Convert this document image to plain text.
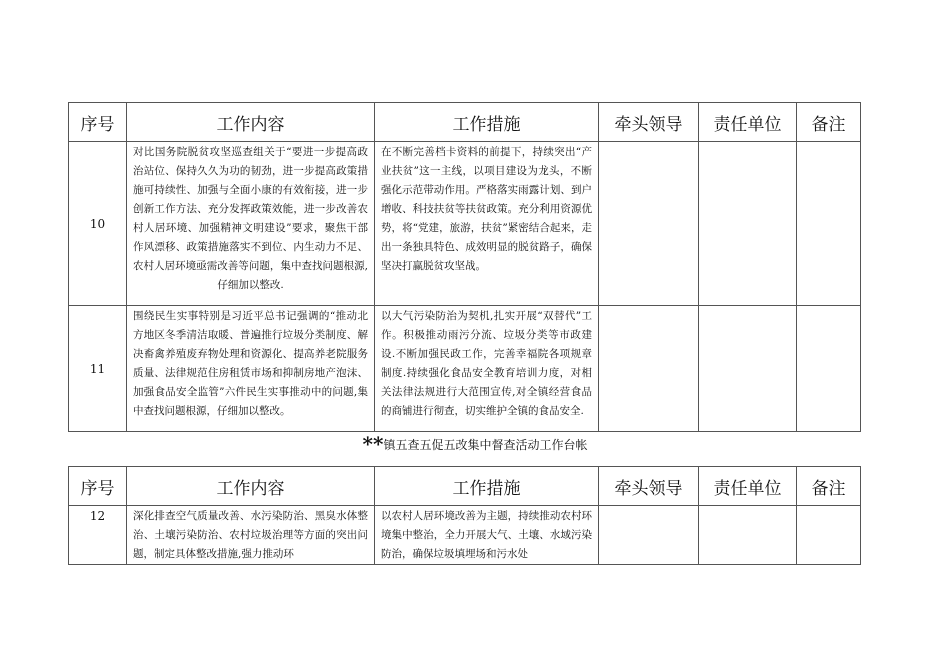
序号	工作内容	工作措施	牵头领导	责任单位	备注
10	对比国务院脱贫攻坚巡查组关于“要进一步提高政治站位、保持久久为功的韧劲，进一步提高政策措施可持续性、加强与全面小康的有效衔接，进一步创新工作方法、充分发挥政策效能，进一步改善农村人居环境、加强精神文明建设”要求，聚焦干部作风漂移、政策措施落实不到位、内生动力不足、农村人居环境亟需改善等问题，集中查找问题根源,仔细加以整改.	在不断完善档卡资料的前提下，持续突出“产业扶贫”这一主线，以项目建设为龙头，不断强化示范带动作用。严格落实雨露计划、到户增收、科技扶贫等扶贫政策。充分利用资源优势，将“党建，旅游，扶贫”紧密结合起来，走出一条独具特色、成效明显的脱贫路子，确保坚决打赢脱贫攻坚战。			
11	围绕民生实事特别是习近平总书记强调的“推动北方地区冬季清洁取暖、普遍推行垃圾分类制度、解决畜禽养殖废弃物处理和资源化、提高养老院服务质量、法律规范住房租赁市场和抑制房地产泡沫、加强食品安全监管”六件民生实事推动中的问题,集中查找问题根源，仔细加以整改。	以大气污染防治为契机,扎实开展“双替代”工作。积极推动雨污分流、垃圾分类等市政建设.不断加强民政工作，完善幸福院各项规章制度.持续强化食品安全教育培训力度，对相关法律法规进行大范围宣传,对全镇经营食品的商铺进行彻查，切实维护全镇的食品安全.			
**镇五查五促五改集中督查活动工作台帐
序号	工作内容	工作措施	牵头领导	责任单位	备注
12	深化排查空气质量改善、水污染防治、黑臭水体整治、土壤污染防治、农村垃圾治理等方面的突出问题，制定具体整改措施,强力推动环	以农村人居环境改善为主题，持续推动农村环境集中整治，全力开展大气、土壤、水域污染防治，确保垃圾填埋场和污水处			
